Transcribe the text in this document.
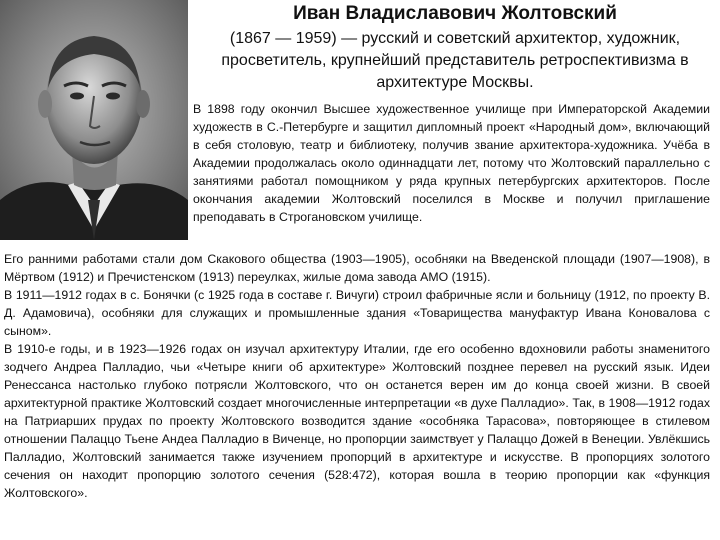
Иван Владиславович Жолтовский
(1867 — 1959) — русский и советский архитектор, художник, просветитель, крупнейший представитель ретроспективизма в архитектуре Москвы.

В 1898 году окончил Высшее художественное училище при Императорской Академии художеств в С.-Петербурге и защитил дипломный проект «Народный дом», включающий в себя столовую, театр и библиотеку, получив звание архитектора-художника. Учёба в Академии продолжалась около одиннадцати лет, потому что Жолтовский параллельно с занятиями работал помощником у ряда крупных петербургских архитекторов. После окончания академии Жолтовский поселился в Москве и получил приглашение преподавать в Строгановском училище.

Его ранними работами стали дом Скакового общества (1903—1905), особняки на Введенской площади (1907—1908), в Мёртвом (1912) и Пречистенском (1913) переулках, жилые дома завода АМО (1915).

В 1911—1912 годах в с. Бонячки (с 1925 года в составе г. Вичуги) строил фабричные ясли и больницу (1912, по проекту В. Д. Адамовича), особняки для служащих и промышленные здания «Товарищества мануфактур Ивана Коновалова с сыном».

В 1910-е годы, и в 1923—1926 годах он изучал архитектуру Италии, где его особенно вдохновили работы знаменитого зодчего Андреа Палладио, чьи «Четыре книги об архитектуре» Жолтовский позднее перевел на русский язык. Идеи Ренессанса настолько глубоко потрясли Жолтовского, что он останется верен им до конца своей жизни. В своей архитектурной практике Жолтовский создает многочисленные интерпретации «в духе Палладио». Так, в 1908—1912 годах на Патриарших прудах по проекту Жолтовского возводится здание «особняка Тарасова», повторяющее в стилевом отношении Палаццо Тьене Андеа Палладио в Виченце, но пропорции заимствует у Палаццо Дожей в Венеции. Увлёкшись Палладио, Жолтовский занимается также изучением пропорций в архитектуре и искусстве. В пропорциях золотого сечения он находит пропорцию золотого сечения (528:472), которая вошла в теорию пропорции как «функция Жолтовского».
